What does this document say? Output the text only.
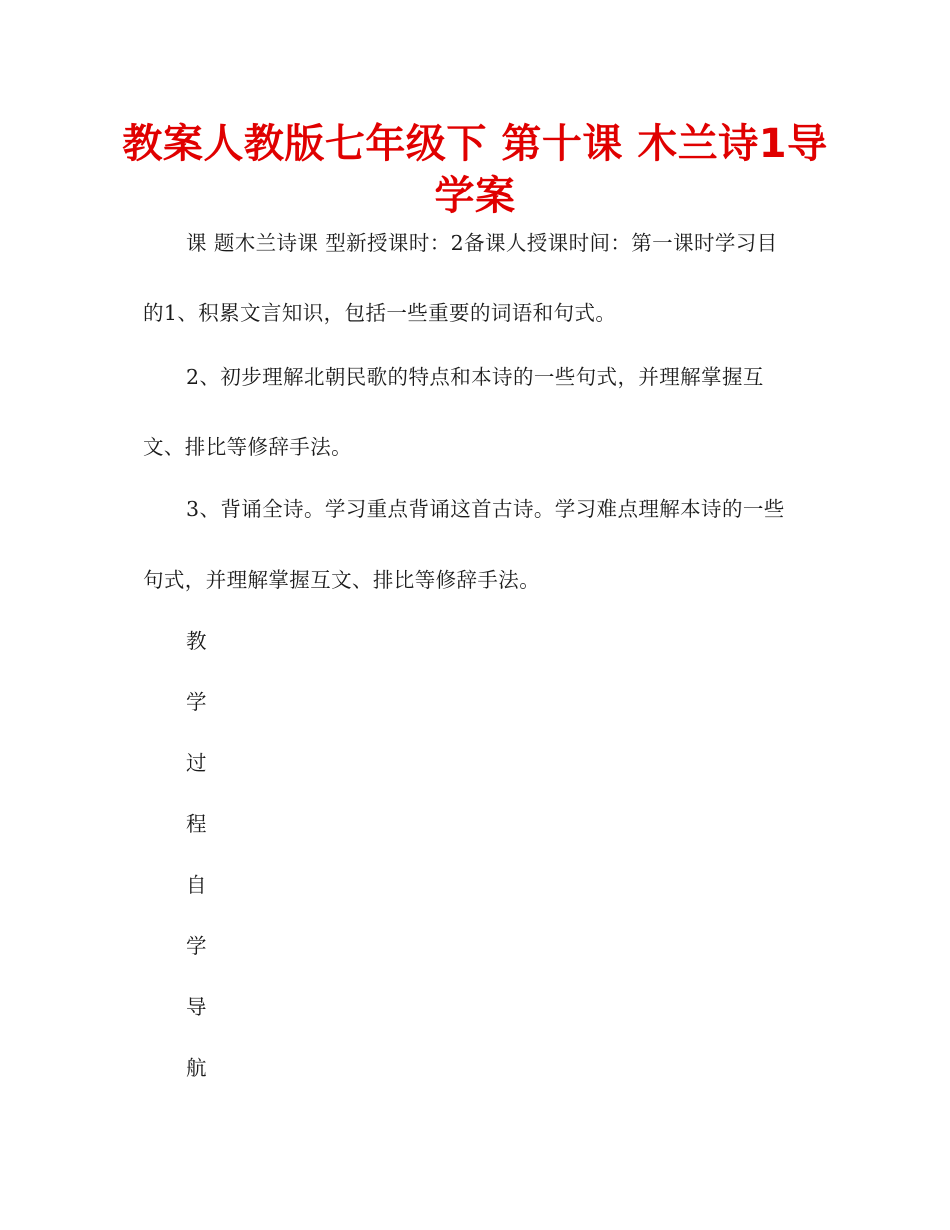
教案人教版七年级下 第十课 木兰诗1导学案
课 题木兰诗课 型新授课时：2备课人授课时间：第一课时学习目
的1、积累文言知识，包括一些重要的词语和句式。
2、初步理解北朝民歌的特点和本诗的一些句式，并理解掌握互
文、排比等修辞手法。
3、背诵全诗。学习重点背诵这首古诗。学习难点理解本诗的一些
句式，并理解掌握互文、排比等修辞手法。
教
学
过
程
自
学
导
航
